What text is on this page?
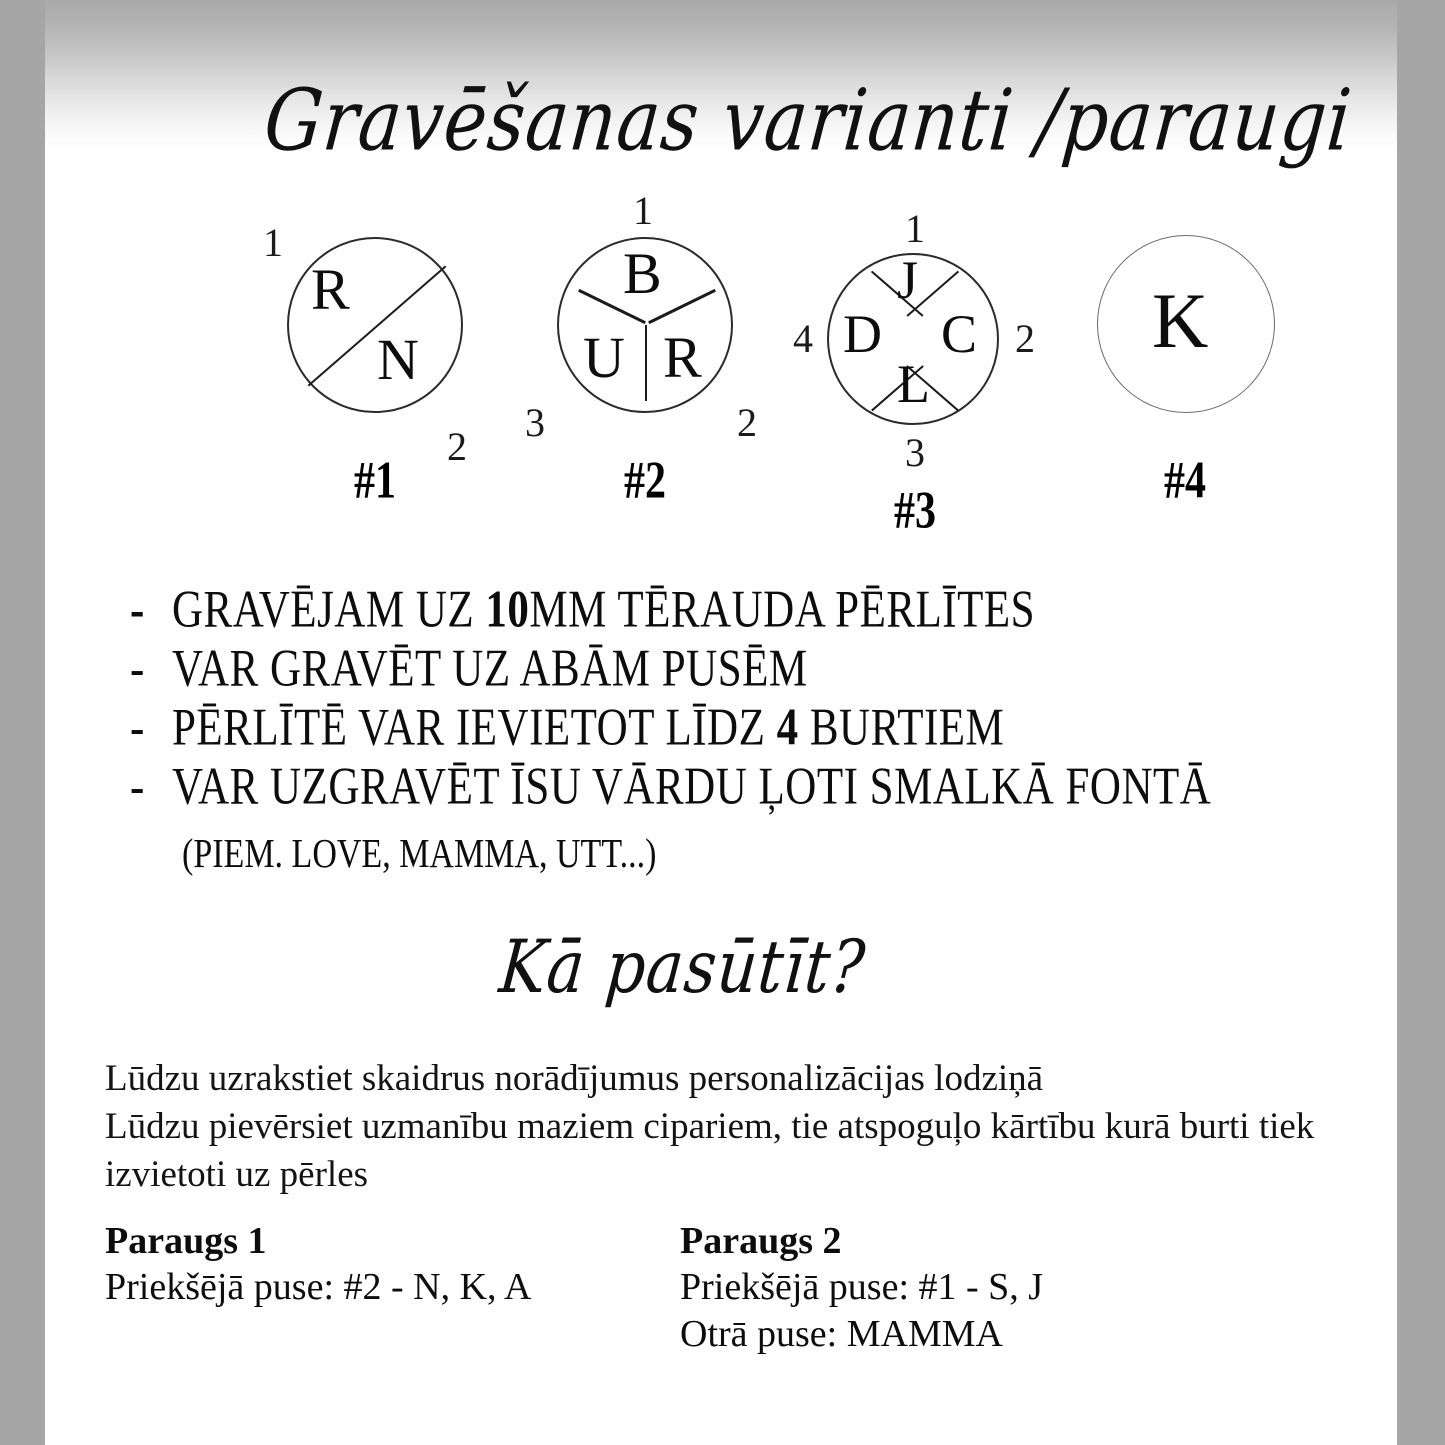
Gravēšanas varianti /paraugi
R
N
1
2
#1
B
U R
1
2
3
#2
J
C
L
D
1
2
3
4
#3
K
#4
- GRAVĒJAM UZ 10MM TĒRAUDA PĒRLĪTES
- VAR GRAVĒT UZ ABĀM PUSĒM
- PĒRLĪTĒ VAR IEVIETOT LĪDZ 4 BURTIEM
- VAR UZGRAVĒT ĪSU VĀRDU ĻOTI SMALKĀ FONTĀ
(PIEM. LOVE, MAMMA, UTT...)
Kā pasūtīt?

Lūdzu uzrakstiet skaidrus norādījumus personalizācijas lodziņā

Lūdzu pievērsiet uzmanību maziem cipariem, tie atspoguļo kārtību kurā burti tiek izvietoti uz pērles

Paraugs 1
Priekšējā puse: #2 - N, K, A
Paraugs 2
Priekšējā puse: #1 - S, J
Otrā puse: MAMMA
